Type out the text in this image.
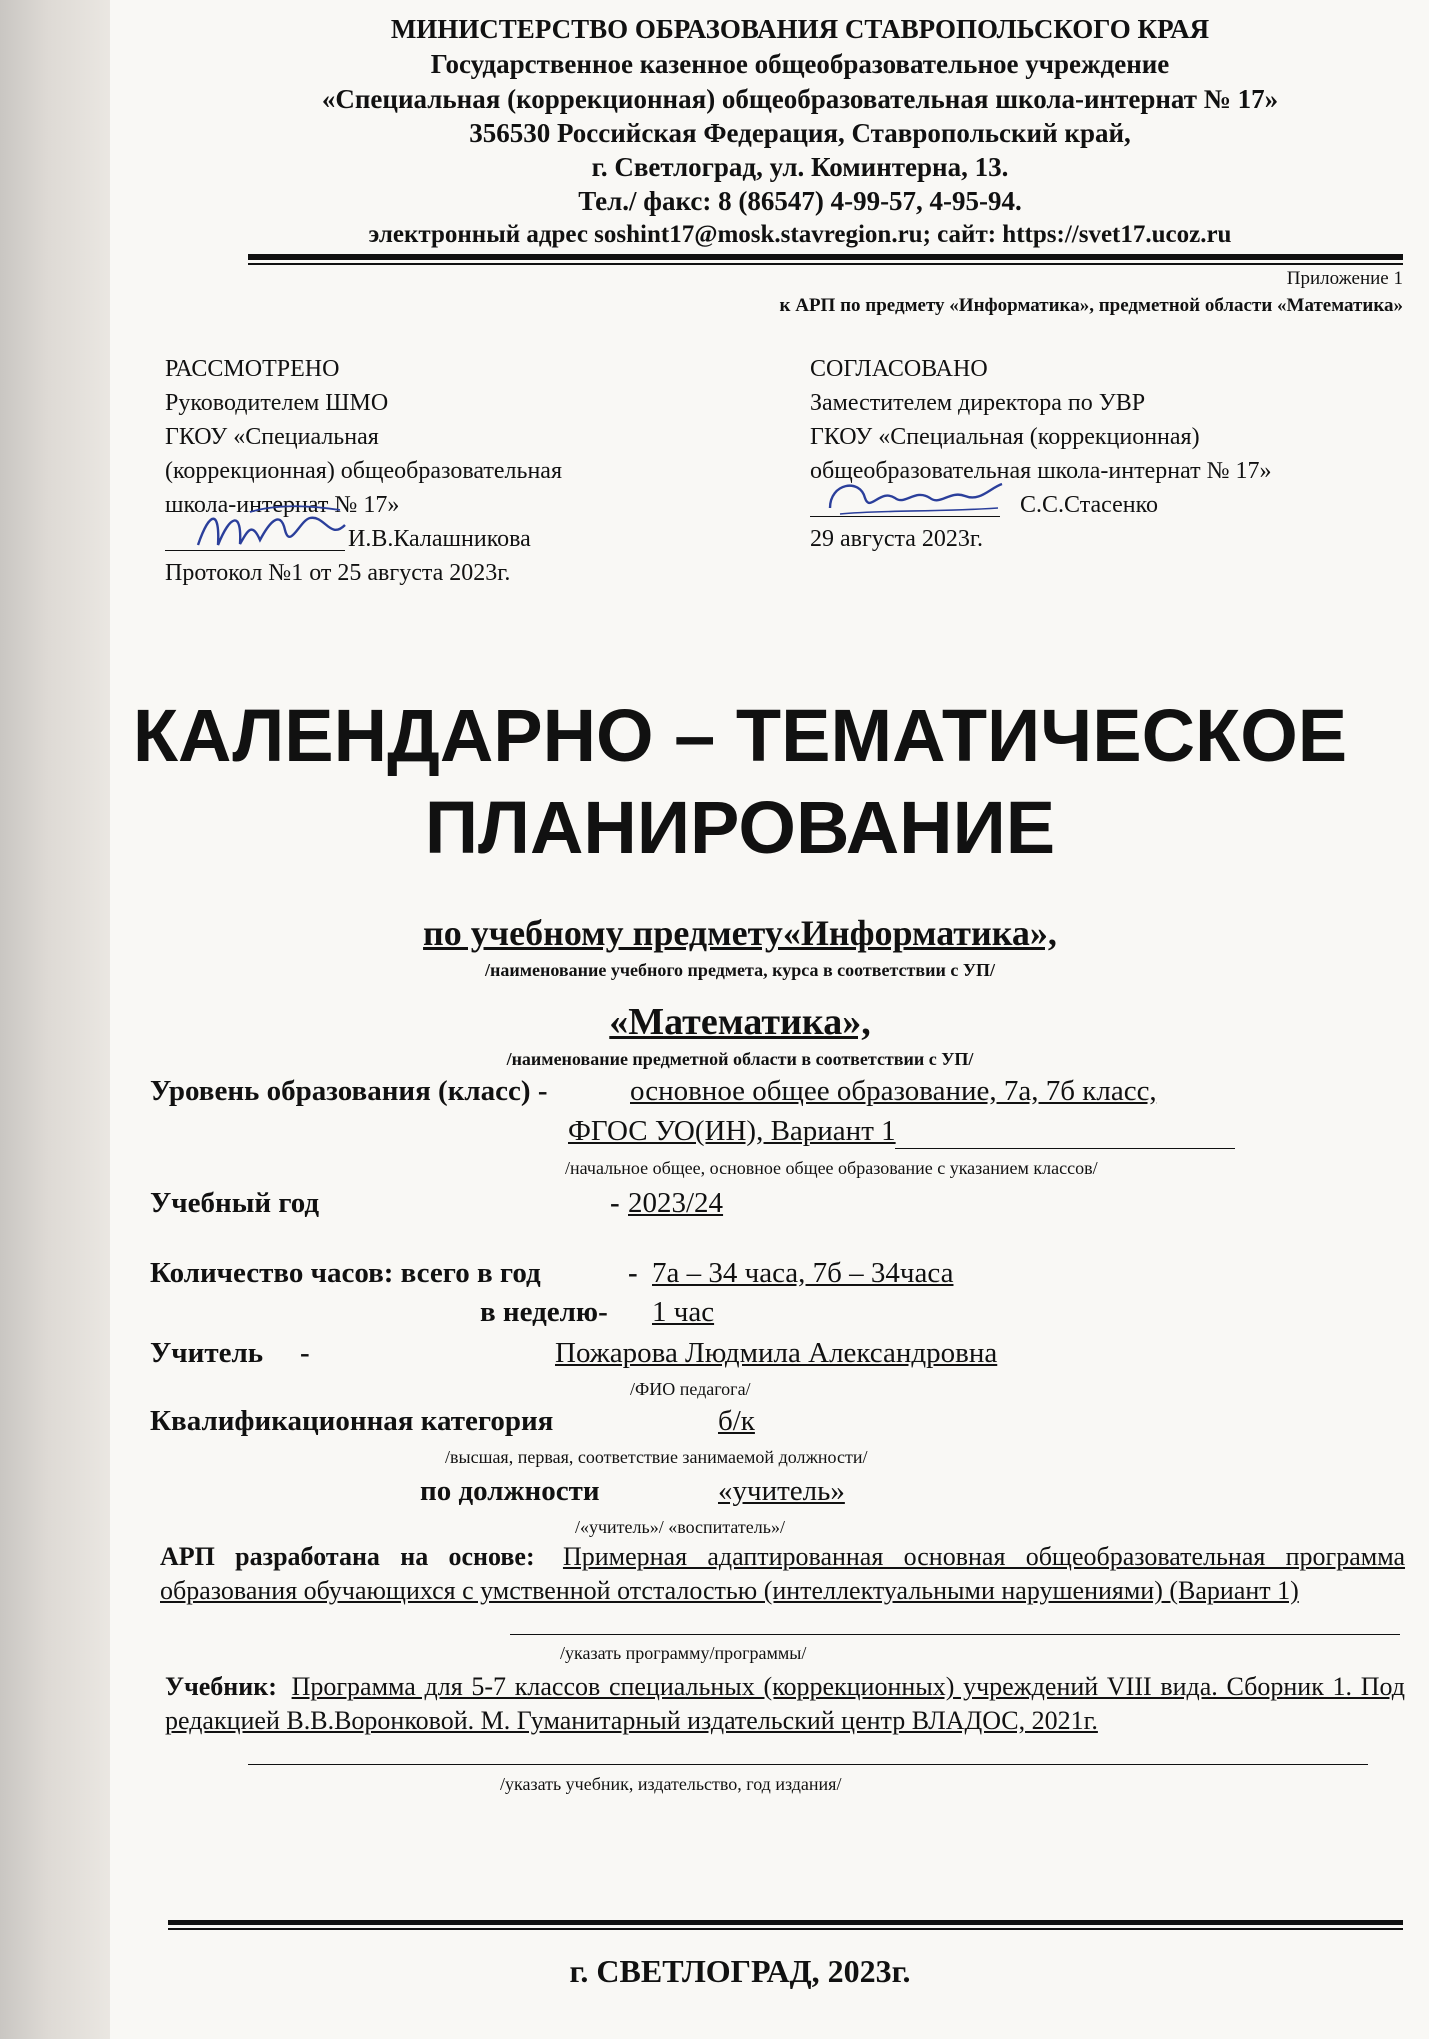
МИНИСТЕРСТВО ОБРАЗОВАНИЯ СТАВРОПОЛЬСКОГО КРАЯ
Государственное казенное общеобразовательное учреждение
«Специальная (коррекционная) общеобразовательная школа-интернат № 17»
356530 Российская Федерация, Ставропольский край,
г. Светлоград, ул. Коминтерна, 13.
Тел./ факс: 8 (86547) 4-99-57, 4-95-94.
электронный адрес soshint17@mosk.stavregion.ru; сайт: https://svet17.ucoz.ru
Приложение 1
к АРП по предмету «Информатика», предметной области «Математика»
РАССМОТРЕНО
Руководителем ШМО
ГКОУ «Специальная
(коррекционная) общеобразовательная
школа-интернат № 17»
И.В.Калашникова
Протокол №1 от 25 августа 2023г.
СОГЛАСОВАНО
Заместителем директора по УВР
ГКОУ «Специальная (коррекционная)
общеобразовательная школа-интернат № 17»
С.С.Стасенко
29 августа 2023г.
КАЛЕНДАРНО – ТЕМАТИЧЕСКОЕ
ПЛАНИРОВАНИЕ
по учебному предмету«Информатика»,
/наименование учебного предмета, курса в соответствии с УП/
«Математика»,
/наименование предметной области в соответствии с УП/
Уровень образования (класс) -	основное общее образование, 7а, 7б класс,
ФГОС УО(ИН), Вариант 1
/начальное общее, основное общее образование с указанием классов/
Учебный год	- 2023/24
Количество часов: всего в год	- 7а – 34 часа, 7б – 34часа
в неделю- 1 час
Учитель -	Пожарова Людмила Александровна
/ФИО педагога/
Квалификационная категория	б/к
/высшая, первая, соответствие занимаемой должности/
по должности	«учитель»
/«учитель»/ «воспитатель»/
АРП разработана на основе: Примерная адаптированная основная общеобразовательная программа образования обучающихся с умственной отсталостью (интеллектуальными нарушениями) (Вариант 1)
/указать программу/программы/
Учебник: Программа для 5-7 классов специальных (коррекционных) учреждений VIII вида. Сборник 1. Под редакцией В.В.Воронковой. М. Гуманитарный издательский центр ВЛАДОС, 2021г.
/указать учебник, издательство, год издания/
г. СВЕТЛОГРАД, 2023г.
